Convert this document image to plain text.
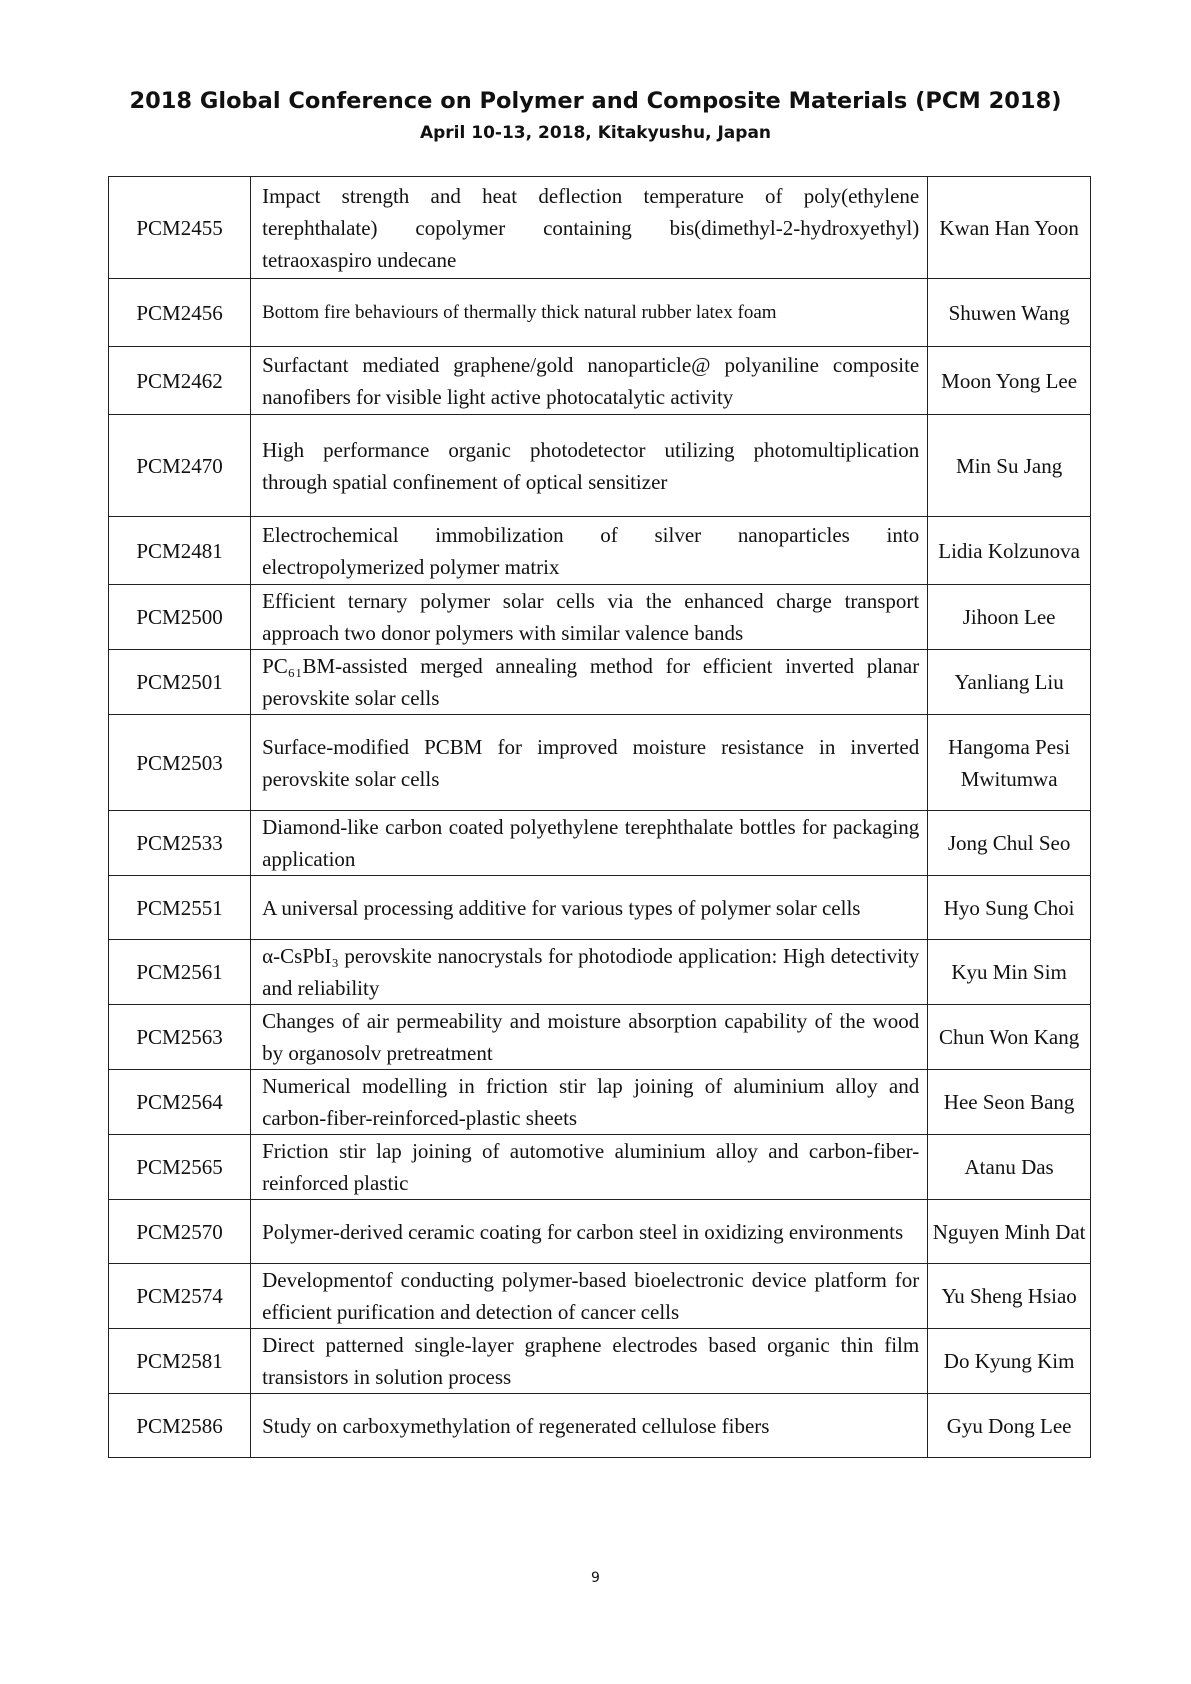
2018 Global Conference on Polymer and Composite Materials (PCM 2018)
April 10-13, 2018, Kitakyushu, Japan
PCM2455	Impact strength and heat deflection temperature of poly(ethylene terephthalate) copolymer containing bis(dimethyl-2-hydroxyethyl) tetraoxaspiro undecane	Kwan Han Yoon
PCM2456	Bottom fire behaviours of thermally thick natural rubber latex foam	Shuwen Wang
PCM2462	Surfactant mediated graphene/gold nanoparticle@ polyaniline composite nanofibers for visible light active photocatalytic activity	Moon Yong Lee
PCM2470	High performance organic photodetector utilizing photomultiplication through spatial confinement of optical sensitizer	Min Su Jang
PCM2481	Electrochemical immobilization of silver nanoparticles into electropolymerized polymer matrix	Lidia Kolzunova
PCM2500	Efficient ternary polymer solar cells via the enhanced charge transport approach two donor polymers with similar valence bands	Jihoon Lee
PCM2501	PC₆₁BM-assisted merged annealing method for efficient inverted planar perovskite solar cells	Yanliang Liu
PCM2503	Surface-modified PCBM for improved moisture resistance in inverted perovskite solar cells	Hangoma Pesi Mwitumwa
PCM2533	Diamond-like carbon coated polyethylene terephthalate bottles for packaging application	Jong Chul Seo
PCM2551	A universal processing additive for various types of polymer solar cells	Hyo Sung Choi
PCM2561	α-CsPbI₃ perovskite nanocrystals for photodiode application: High detectivity and reliability	Kyu Min Sim
PCM2563	Changes of air permeability and moisture absorption capability of the wood by organosolv pretreatment	Chun Won Kang
PCM2564	Numerical modelling in friction stir lap joining of aluminium alloy and carbon-fiber-reinforced-plastic sheets	Hee Seon Bang
PCM2565	Friction stir lap joining of automotive aluminium alloy and carbon-fiber-reinforced plastic	Atanu Das
PCM2570	Polymer-derived ceramic coating for carbon steel in oxidizing environments	Nguyen Minh Dat
PCM2574	Developmentof conducting polymer-based bioelectronic device platform for efficient purification and detection of cancer cells	Yu Sheng Hsiao
PCM2581	Direct patterned single-layer graphene electrodes based organic thin film transistors in solution process	Do Kyung Kim
PCM2586	Study on carboxymethylation of regenerated cellulose fibers	Gyu Dong Lee
9
